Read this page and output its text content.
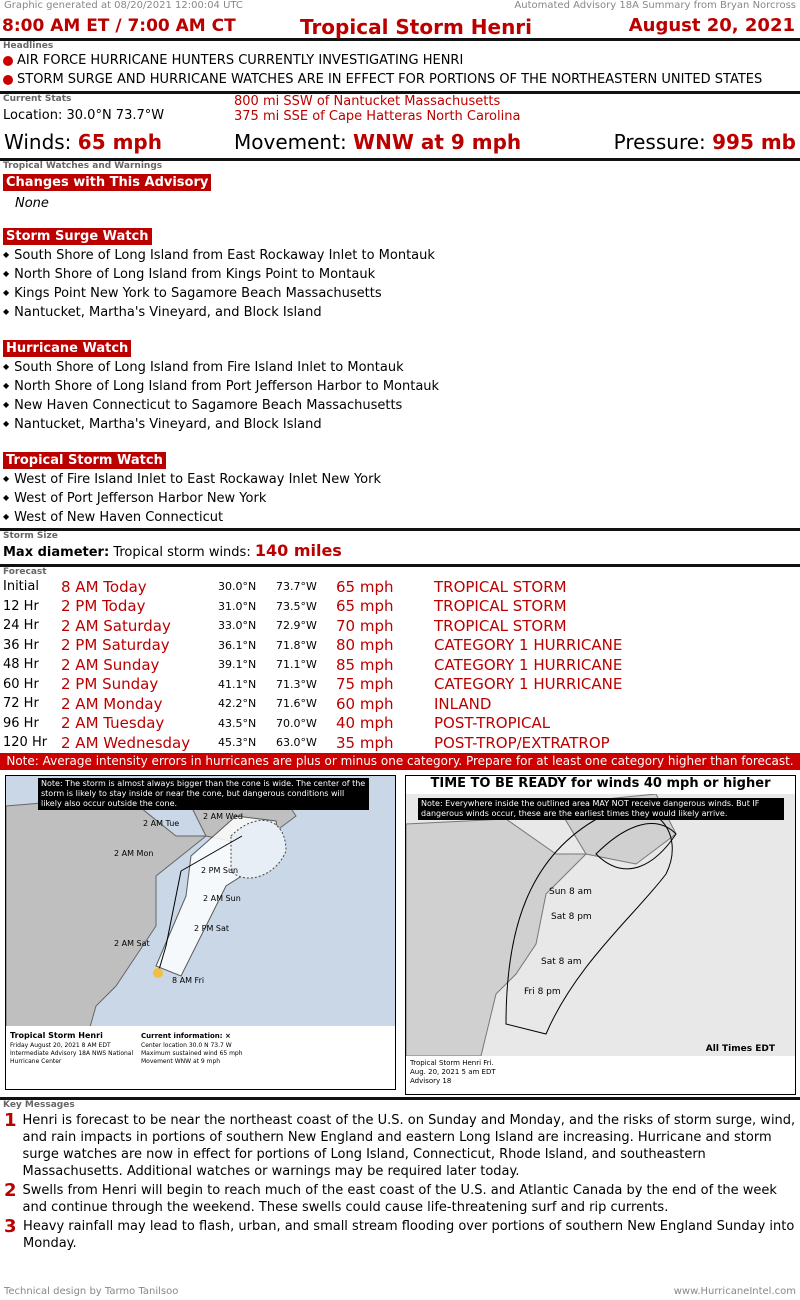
Graphic generated at 08/20/2021 12:00:04 UTC	Automated Advisory 18A Summary from Bryan Norcross
8:00 AM ET / 7:00 AM CT	Tropical Storm Henri	August 20, 2021
Headlines
AIR FORCE HURRICANE HUNTERS CURRENTLY INVESTIGATING HENRI
STORM SURGE AND HURRICANE WATCHES ARE IN EFFECT FOR PORTIONS OF THE NORTHEASTERN UNITED STATES
Current Stats
Location: 30.0°N 73.7°W
800 mi SSW of Nantucket Massachusetts
375 mi SSE of Cape Hatteras North Carolina
Winds: 65 mph	Movement: WNW at 9 mph	Pressure: 995 mb
Tropical Watches and Warnings
Changes with This Advisory
None
Storm Surge Watch
◆ South Shore of Long Island from East Rockaway Inlet to Montauk
◆ North Shore of Long Island from Kings Point to Montauk
◆ Kings Point New York to Sagamore Beach Massachusetts
◆ Nantucket, Martha's Vineyard, and Block Island
Hurricane Watch
◆ South Shore of Long Island from Fire Island Inlet to Montauk
◆ North Shore of Long Island from Port Jefferson Harbor to Montauk
◆ New Haven Connecticut to Sagamore Beach Massachusetts
◆ Nantucket, Martha's Vineyard, and Block Island
Tropical Storm Watch
◆ West of Fire Island Inlet to East Rockaway Inlet New York
◆ West of Port Jefferson Harbor New York
◆ West of New Haven Connecticut
Storm Size
Max diameter: Tropical storm winds: 140 miles
Forecast
Initial	8 AM Today	30.0°N	73.7°W	65 mph	TROPICAL STORM
12 Hr	2 PM Today	31.0°N	73.5°W	65 mph	TROPICAL STORM
24 Hr	2 AM Saturday	33.0°N	72.9°W	70 mph	TROPICAL STORM
36 Hr	2 PM Saturday	36.1°N	71.8°W	80 mph	CATEGORY 1 HURRICANE
48 Hr	2 AM Sunday	39.1°N	71.1°W	85 mph	CATEGORY 1 HURRICANE
60 Hr	2 PM Sunday	41.1°N	71.3°W	75 mph	CATEGORY 1 HURRICANE
72 Hr	2 AM Monday	42.2°N	71.6°W	60 mph	INLAND
96 Hr	2 AM Tuesday	43.5°N	70.0°W	40 mph	POST-TROPICAL
120 Hr 2 AM Wednesday	45.3°N	63.0°W	35 mph	POST-TROP/EXTRATROP
Note: Average intensity errors in hurricanes are plus or minus one category. Prepare for at least one category higher than forecast.
8 AM Fri
2 PM Sun
2 AM Sun
2 PM Sat
2 AM Sat
2 AM Mon
2 AM Tue
2 AM Wed
Tropical Storm Henri	Current information: ×
Note: The storm is almost always bigger than the cone is wide. The center of the storm is likely to stay inside or near the cone, but dangerous conditions will likely also occur outside the cone.
Friday August 20, 2021 8 AM EDT Intermediate Advisory 18A NWS National Hurricane Center
Center location 30.0 N 73.7 W Maximum sustained wind 65 mph Movement WNW at 9 mph
TIME TO BE READY for winds 40 mph or higher
Sun 8 am
Sat 8 pm
Sat 8 am
Fri 8 pm
Note: Everywhere inside the outlined area MAY NOT receive dangerous winds. But IF dangerous winds occur, these are the earliest times they would likely arrive.
All Times EDT
Tropical Storm Henri Fri. Aug. 20, 2021 5 am EDT Advisory 18
Key Messages
1 Henri is forecast to be near the northeast coast of the U.S. on Sunday and Monday, and the risks of storm surge, wind, and rain impacts in portions of southern New England and eastern Long Island are increasing. Hurricane and storm surge watches are now in effect for portions of Long Island, Connecticut, Rhode Island, and southeastern Massachusetts. Additional watches or warnings may be required later today.
2 Swells from Henri will begin to reach much of the east coast of the U.S. and Atlantic Canada by the end of the week and continue through the weekend. These swells could cause life-threatening surf and rip currents.
3 Heavy rainfall may lead to flash, urban, and small stream flooding over portions of southern New England Sunday into Monday.
Technical design by Tarmo Tanilsoo	www.HurricaneIntel.com
